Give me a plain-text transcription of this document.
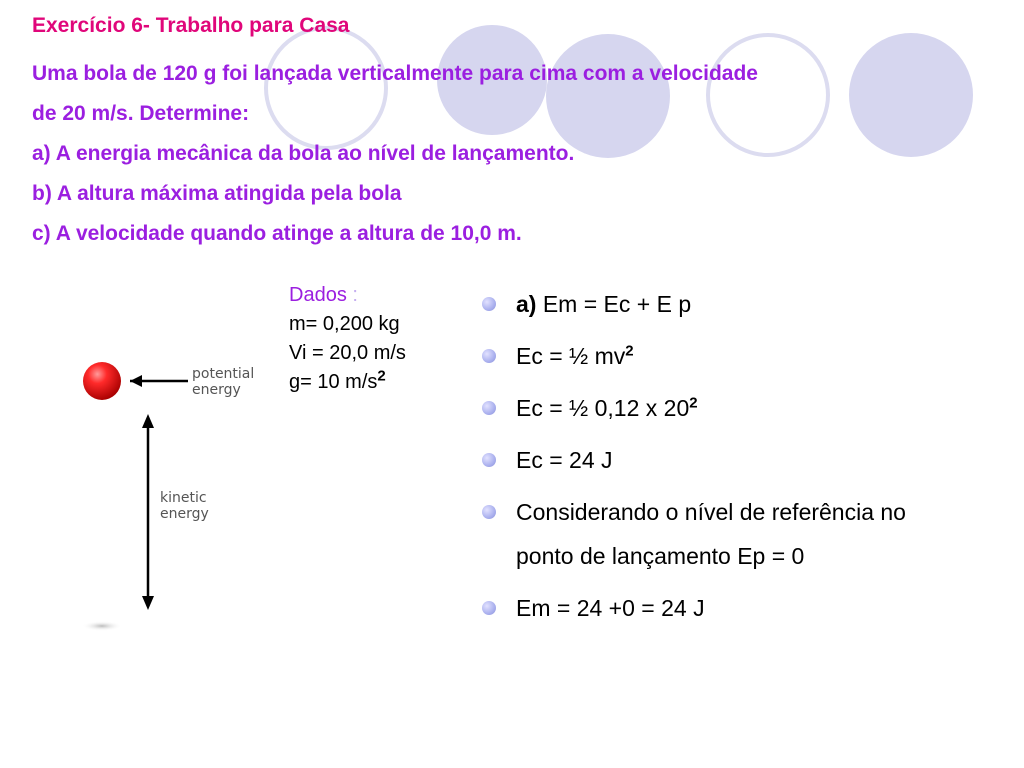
Exercício 6- Trabalho para Casa
Uma bola de 120 g foi lançada verticalmente para cima com a velocidade
de 20 m/s. Determine:
a) A energia mecânica da bola ao nível de lançamento.
b) A altura máxima atingida pela bola
c) A velocidade quando atinge a altura de 10,0 m.
potential
energy
kinetic
energy
Dados :
m= 0,200 kg
Vi = 20,0 m/s
g= 10 $m/s^2$
a) Em = Ec + E p
Ec = ½ $mv^2$
Ec = ½ 0,12 x $20^2$
Ec = 24 J
Considerando o nível de referência no
ponto de lançamento Ep = 0
Em = 24 +0 = 24 J
